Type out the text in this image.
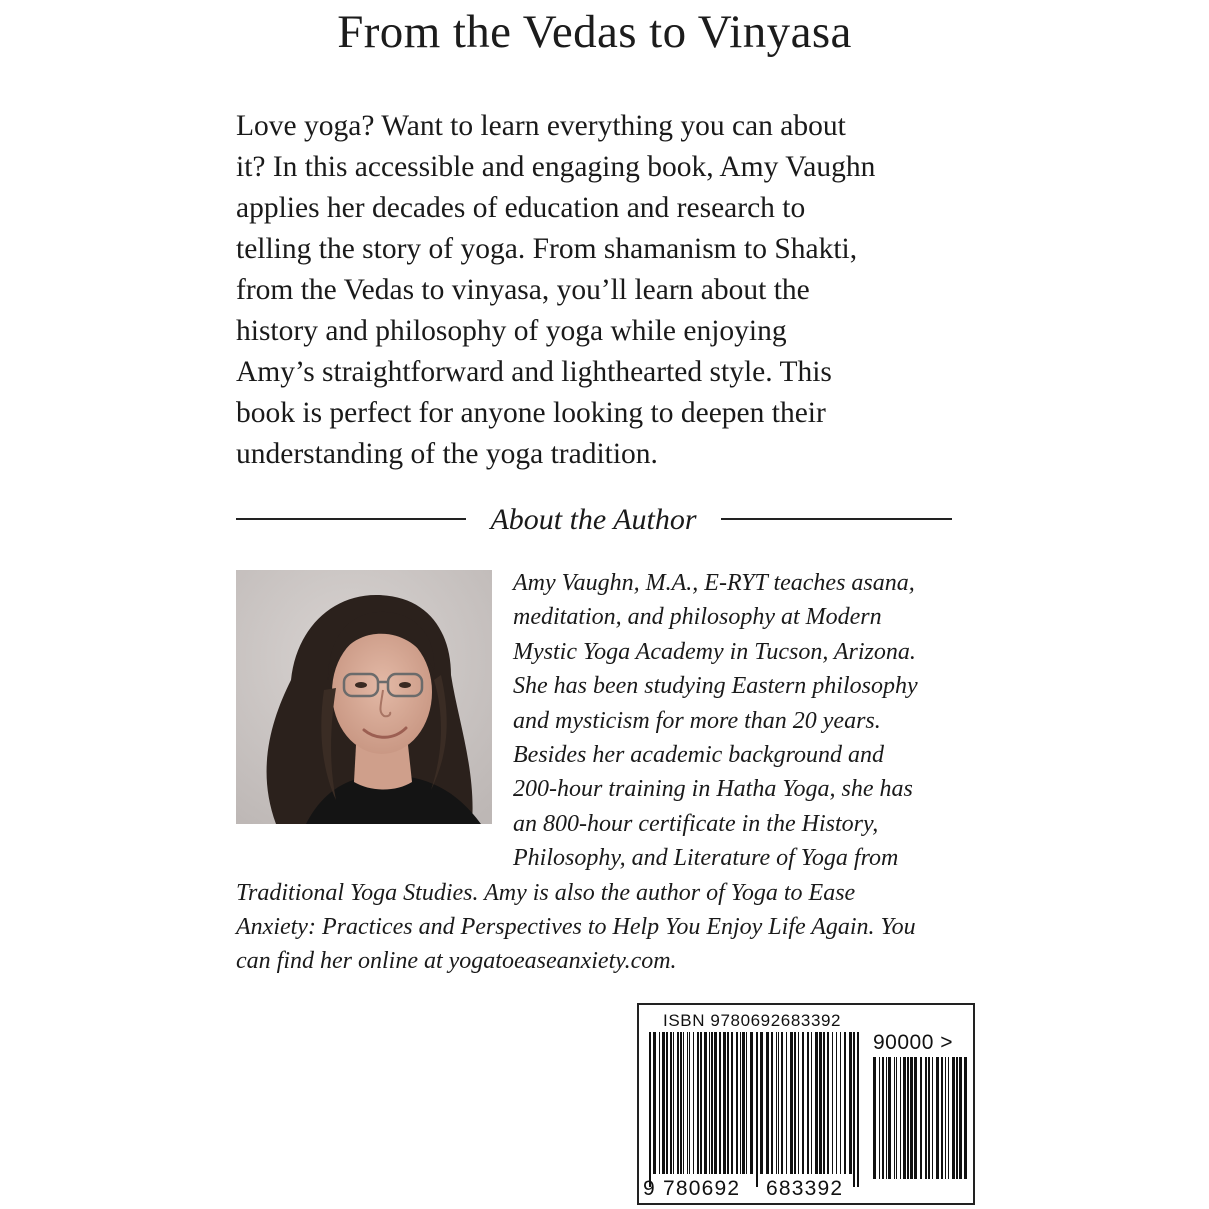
From the Vedas to Vinyasa
Love yoga? Want to learn everything you can about
it? In this accessible and engaging book, Amy Vaughn
applies her decades of education and research to
telling the story of yoga. From shamanism to Shakti,
from the Vedas to vinyasa, you’ll learn about the
history and philosophy of yoga while enjoying
Amy’s straightforward and lighthearted style. This
book is perfect for anyone looking to deepen their
understanding of the yoga tradition.
About the Author
Amy Vaughn, M.A., E-RYT teaches asana,
meditation, and philosophy at Modern
Mystic Yoga Academy in Tucson, Arizona.
She has been studying Eastern philosophy
and mysticism for more than 20 years.
Besides her academic background and
200-hour training in Hatha Yoga, she has
an 800-hour certificate in the History,
Philosophy, and Literature of Yoga from
Traditional Yoga Studies. Amy is also the author of Yoga to Ease
Anxiety: Practices and Perspectives to Help You Enjoy Life Again. You
can find her online at yogatoeaseanxiety.com.
ISBN 9780692683392
90000 >
9 780692 683392
